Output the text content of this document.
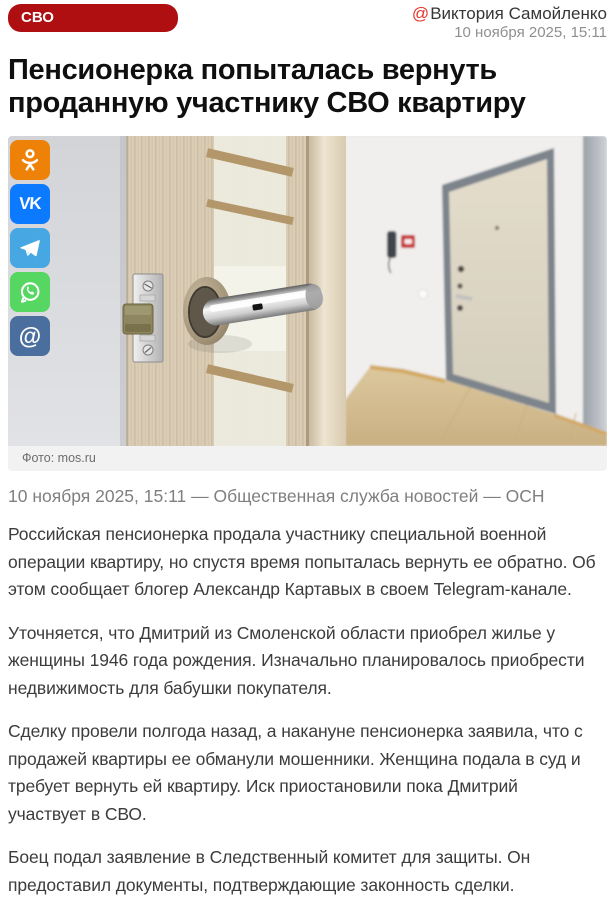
СВО	@Виктория Самойленко
10 ноября 2025, 15:11
Пенсионерка попыталась вернуть проданную участнику СВО квартиру
VK
@
Фото: mos.ru

10 ноября 2025, 15:11 — Общественная служба новостей — ОСН

Российская пенсионерка продала участнику специальной военной операции квартиру, но спустя время попыталась вернуть ее обратно. Об этом сообщает блогер Александр Картавых в своем Telegram-канале.

Уточняется, что Дмитрий из Смоленской области приобрел жилье у женщины 1946 года рождения. Изначально планировалось приобрести недвижимость для бабушки покупателя.

Сделку провели полгода назад, а накануне пенсионерка заявила, что с продажей квартиры ее обманули мошенники. Женщина подала в суд и требует вернуть ей квартиру. Иск приостановили пока Дмитрий участвует в СВО.

Боец подал заявление в Следственный комитет для защиты. Он предоставил документы, подтверждающие законность сделки.
